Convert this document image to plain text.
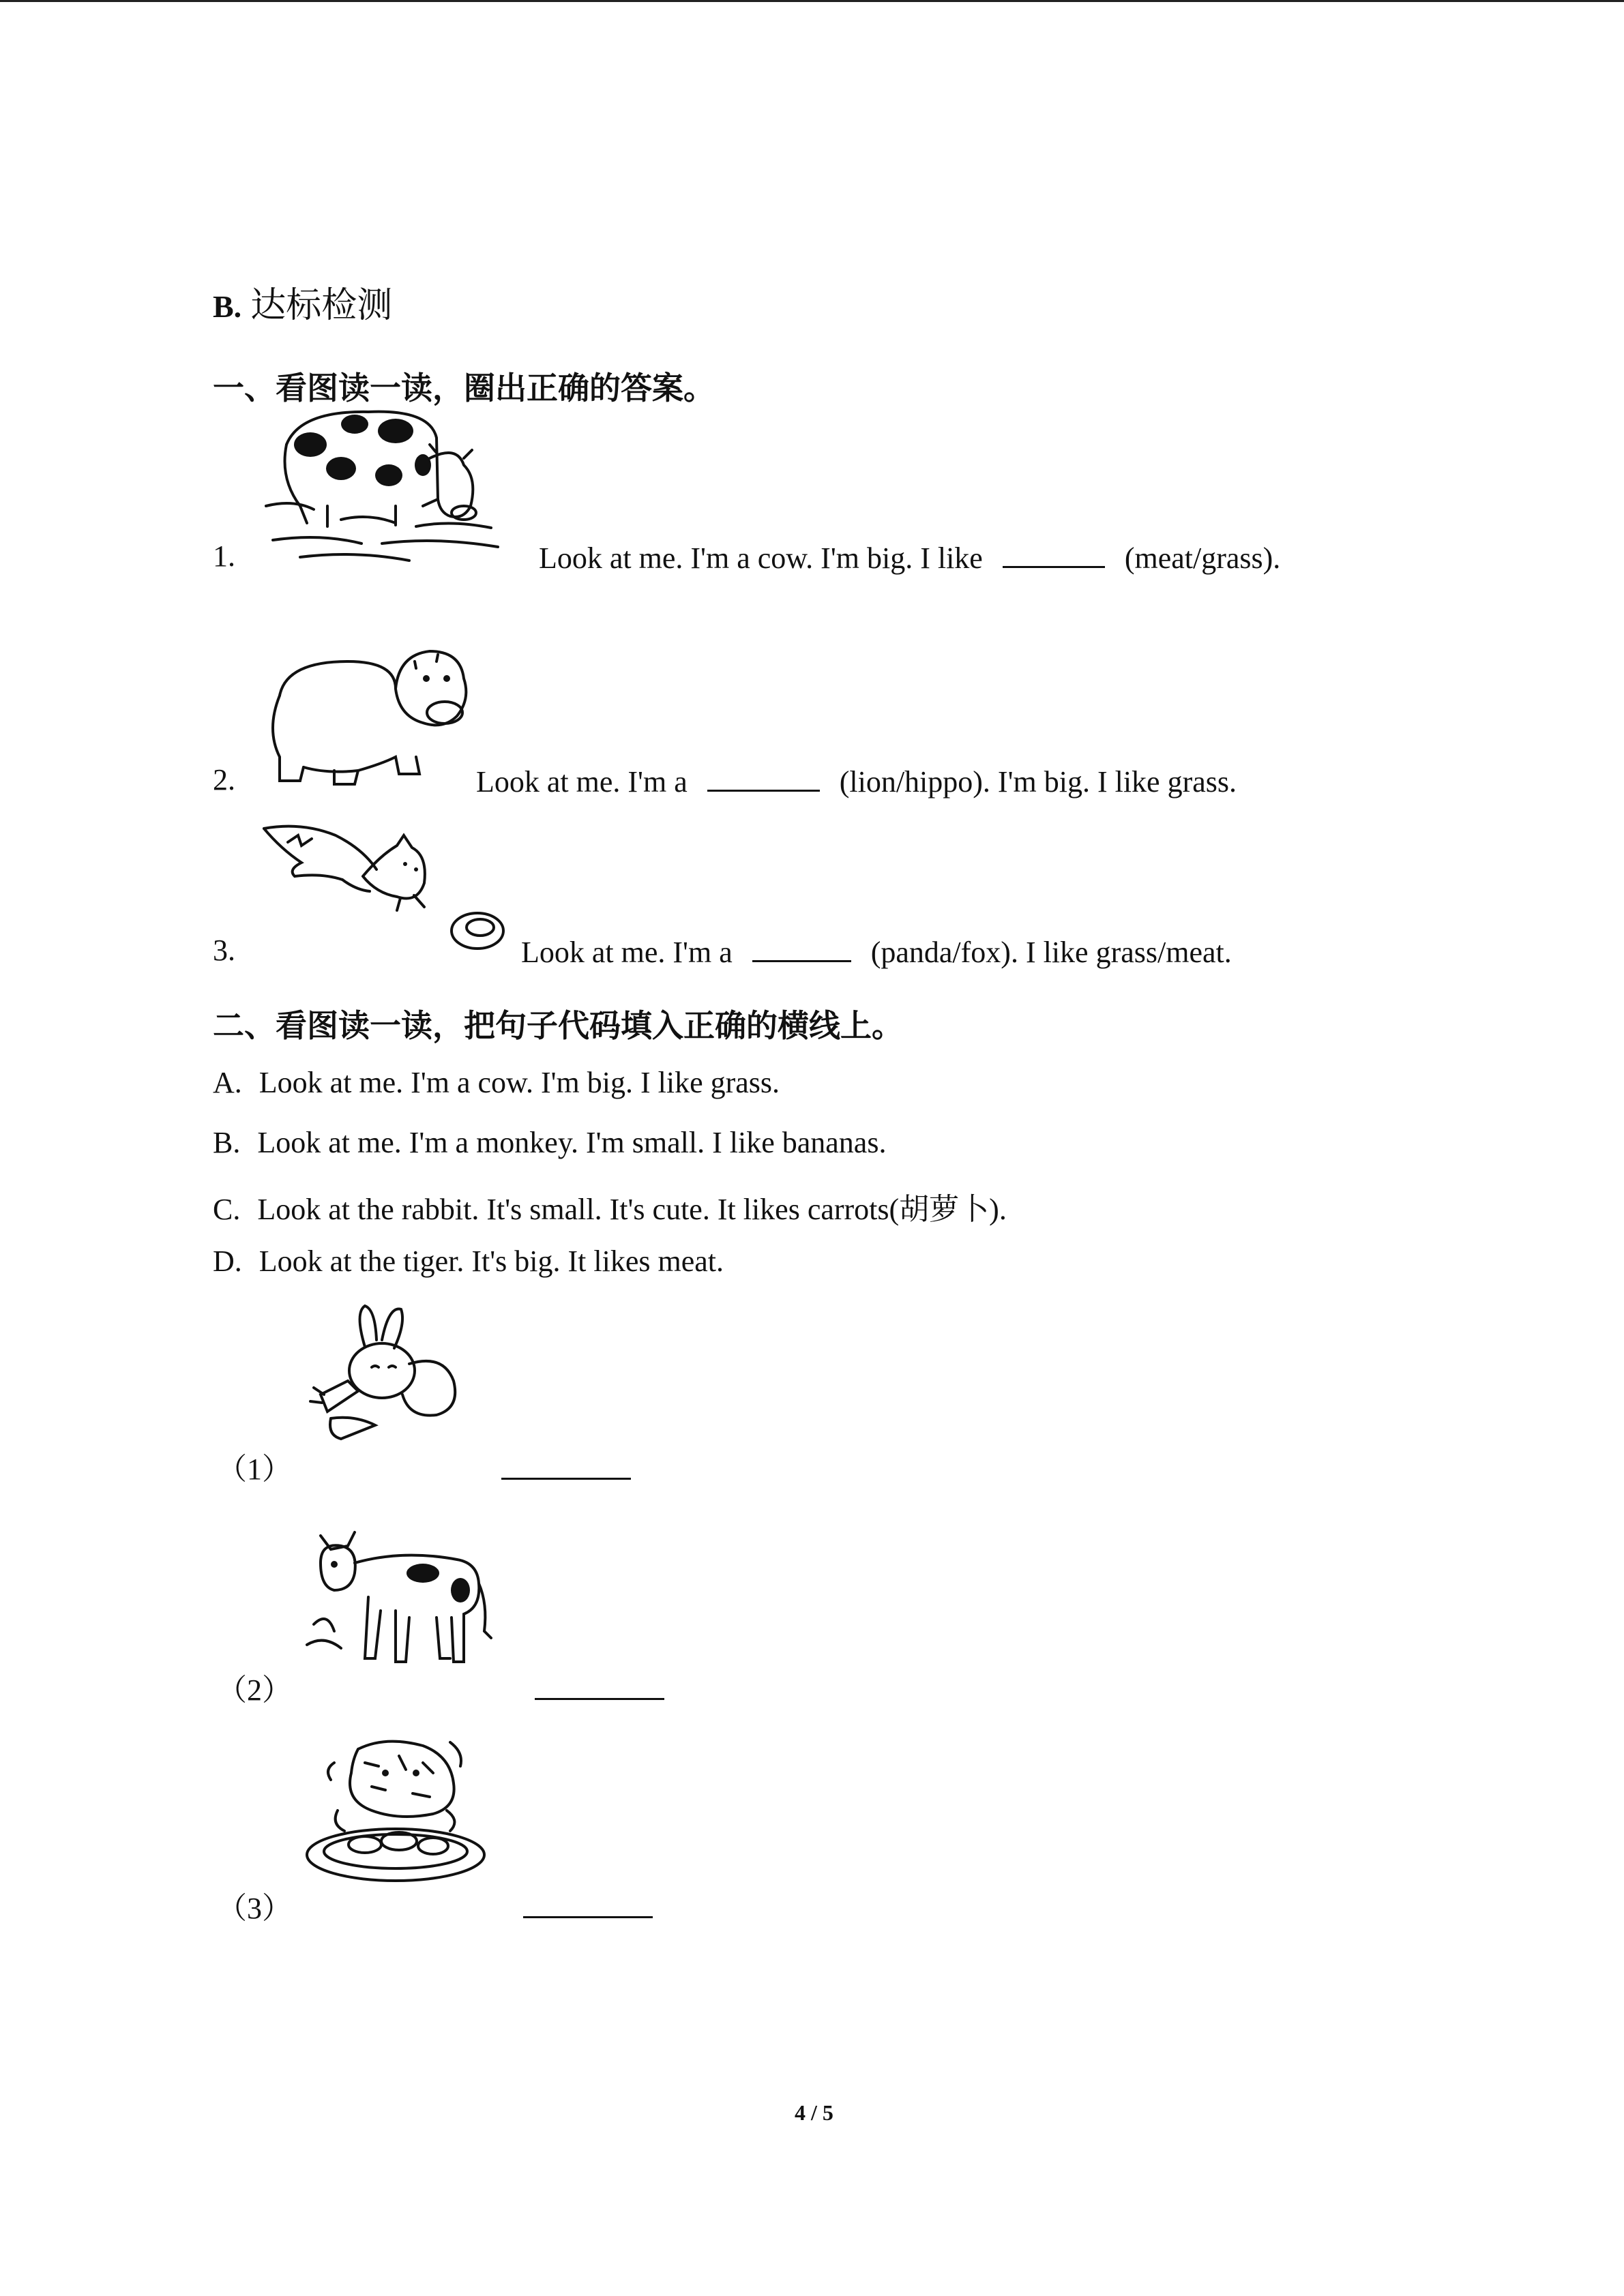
B. 达标检测
一、看图读一读，圈出正确的答案。
1.	Look at me. I'm a cow. I'm big. I like	(meat/grass).
2.	Look at me. I'm a	(lion/hippo). I'm big. I like grass.
3.	Look at me. I'm a	(panda/fox). I like grass/meat.
二、看图读一读，把句子代码填入正确的横线上。
A. Look at me. I'm a cow. I'm big. I like grass.
B. Look at me. I'm a monkey. I'm small. I like bananas.
C. Look at the rabbit. It's small. It's cute. It likes carrots(胡萝卜).
D. Look at the tiger. It's big. It likes meat.
（1）
（2）
（3）
4 / 5
